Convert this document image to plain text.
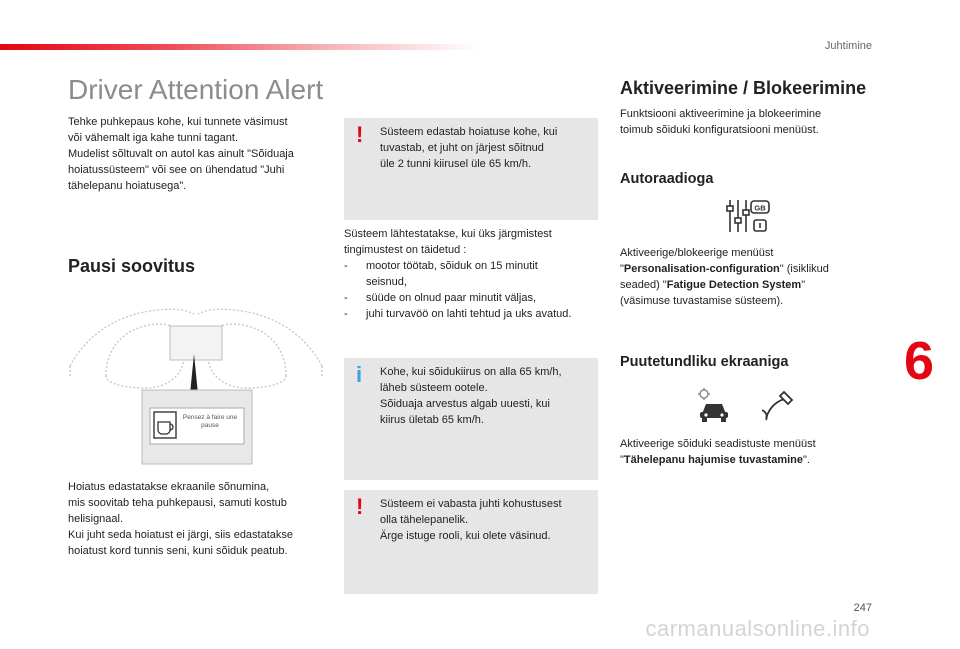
Juhtimine
Driver Attention Alert
Tehke puhkepaus kohe, kui tunnete väsimust
või vähemalt iga kahe tunni tagant.
Mudelist sõltuvalt on autol kas ainult "Sõiduaja
hoiatussüsteem" või see on ühendatud "Juhi
tähelepanu hoiatusega".
Pausi soovitus
Pensez à faire une pause
Hoiatus edastatakse ekraanile sõnumina,
mis soovitab teha puhkepausi, samuti kostub
helisignaal.
Kui juht seda hoiatust ei järgi, siis edastatakse
hoiatust kord tunnis seni, kuni sõiduk peatub.
! Süsteem edastab hoiatuse kohe, kui
tuvastab, et juht on järjest sõitnud
üle 2 tunni kiirusel üle 65 km/h.
Süsteem lähtestatakse, kui üks järgmistest
tingimustest on täidetud :
- mootor töötab, sõiduk on 15 minutit
seisnud,
- süüde on olnud paar minutit väljas,
- juhi turvavöö on lahti tehtud ja uks avatud.
i Kohe, kui sõidukiirus on alla 65 km/h,
läheb süsteem ootele.
Sõiduaja arvestus algab uuesti, kui
kiirus ületab 65 km/h.
! Süsteem ei vabasta juhti kohustusest
olla tähelepanelik.
Ärge istuge rooli, kui olete väsinud.
Aktiveerimine / Blokeerimine
Funktsiooni aktiveerimine ja blokeerimine
toimub sõiduki konfiguratsiooni menüüst.
Autoraadioga
GB
Aktiveerige/blokeerige menüüst
"Personalisation-configuration" (isiklikud
seaded) "Fatigue Detection System"
(väsimuse tuvastamise süsteem).
Puutetundliku ekraaniga
Aktiveerige sõiduki seadistuste menüüst
"Tähelepanu hajumise tuvastamine".
6
247
carmanualsonline.info
